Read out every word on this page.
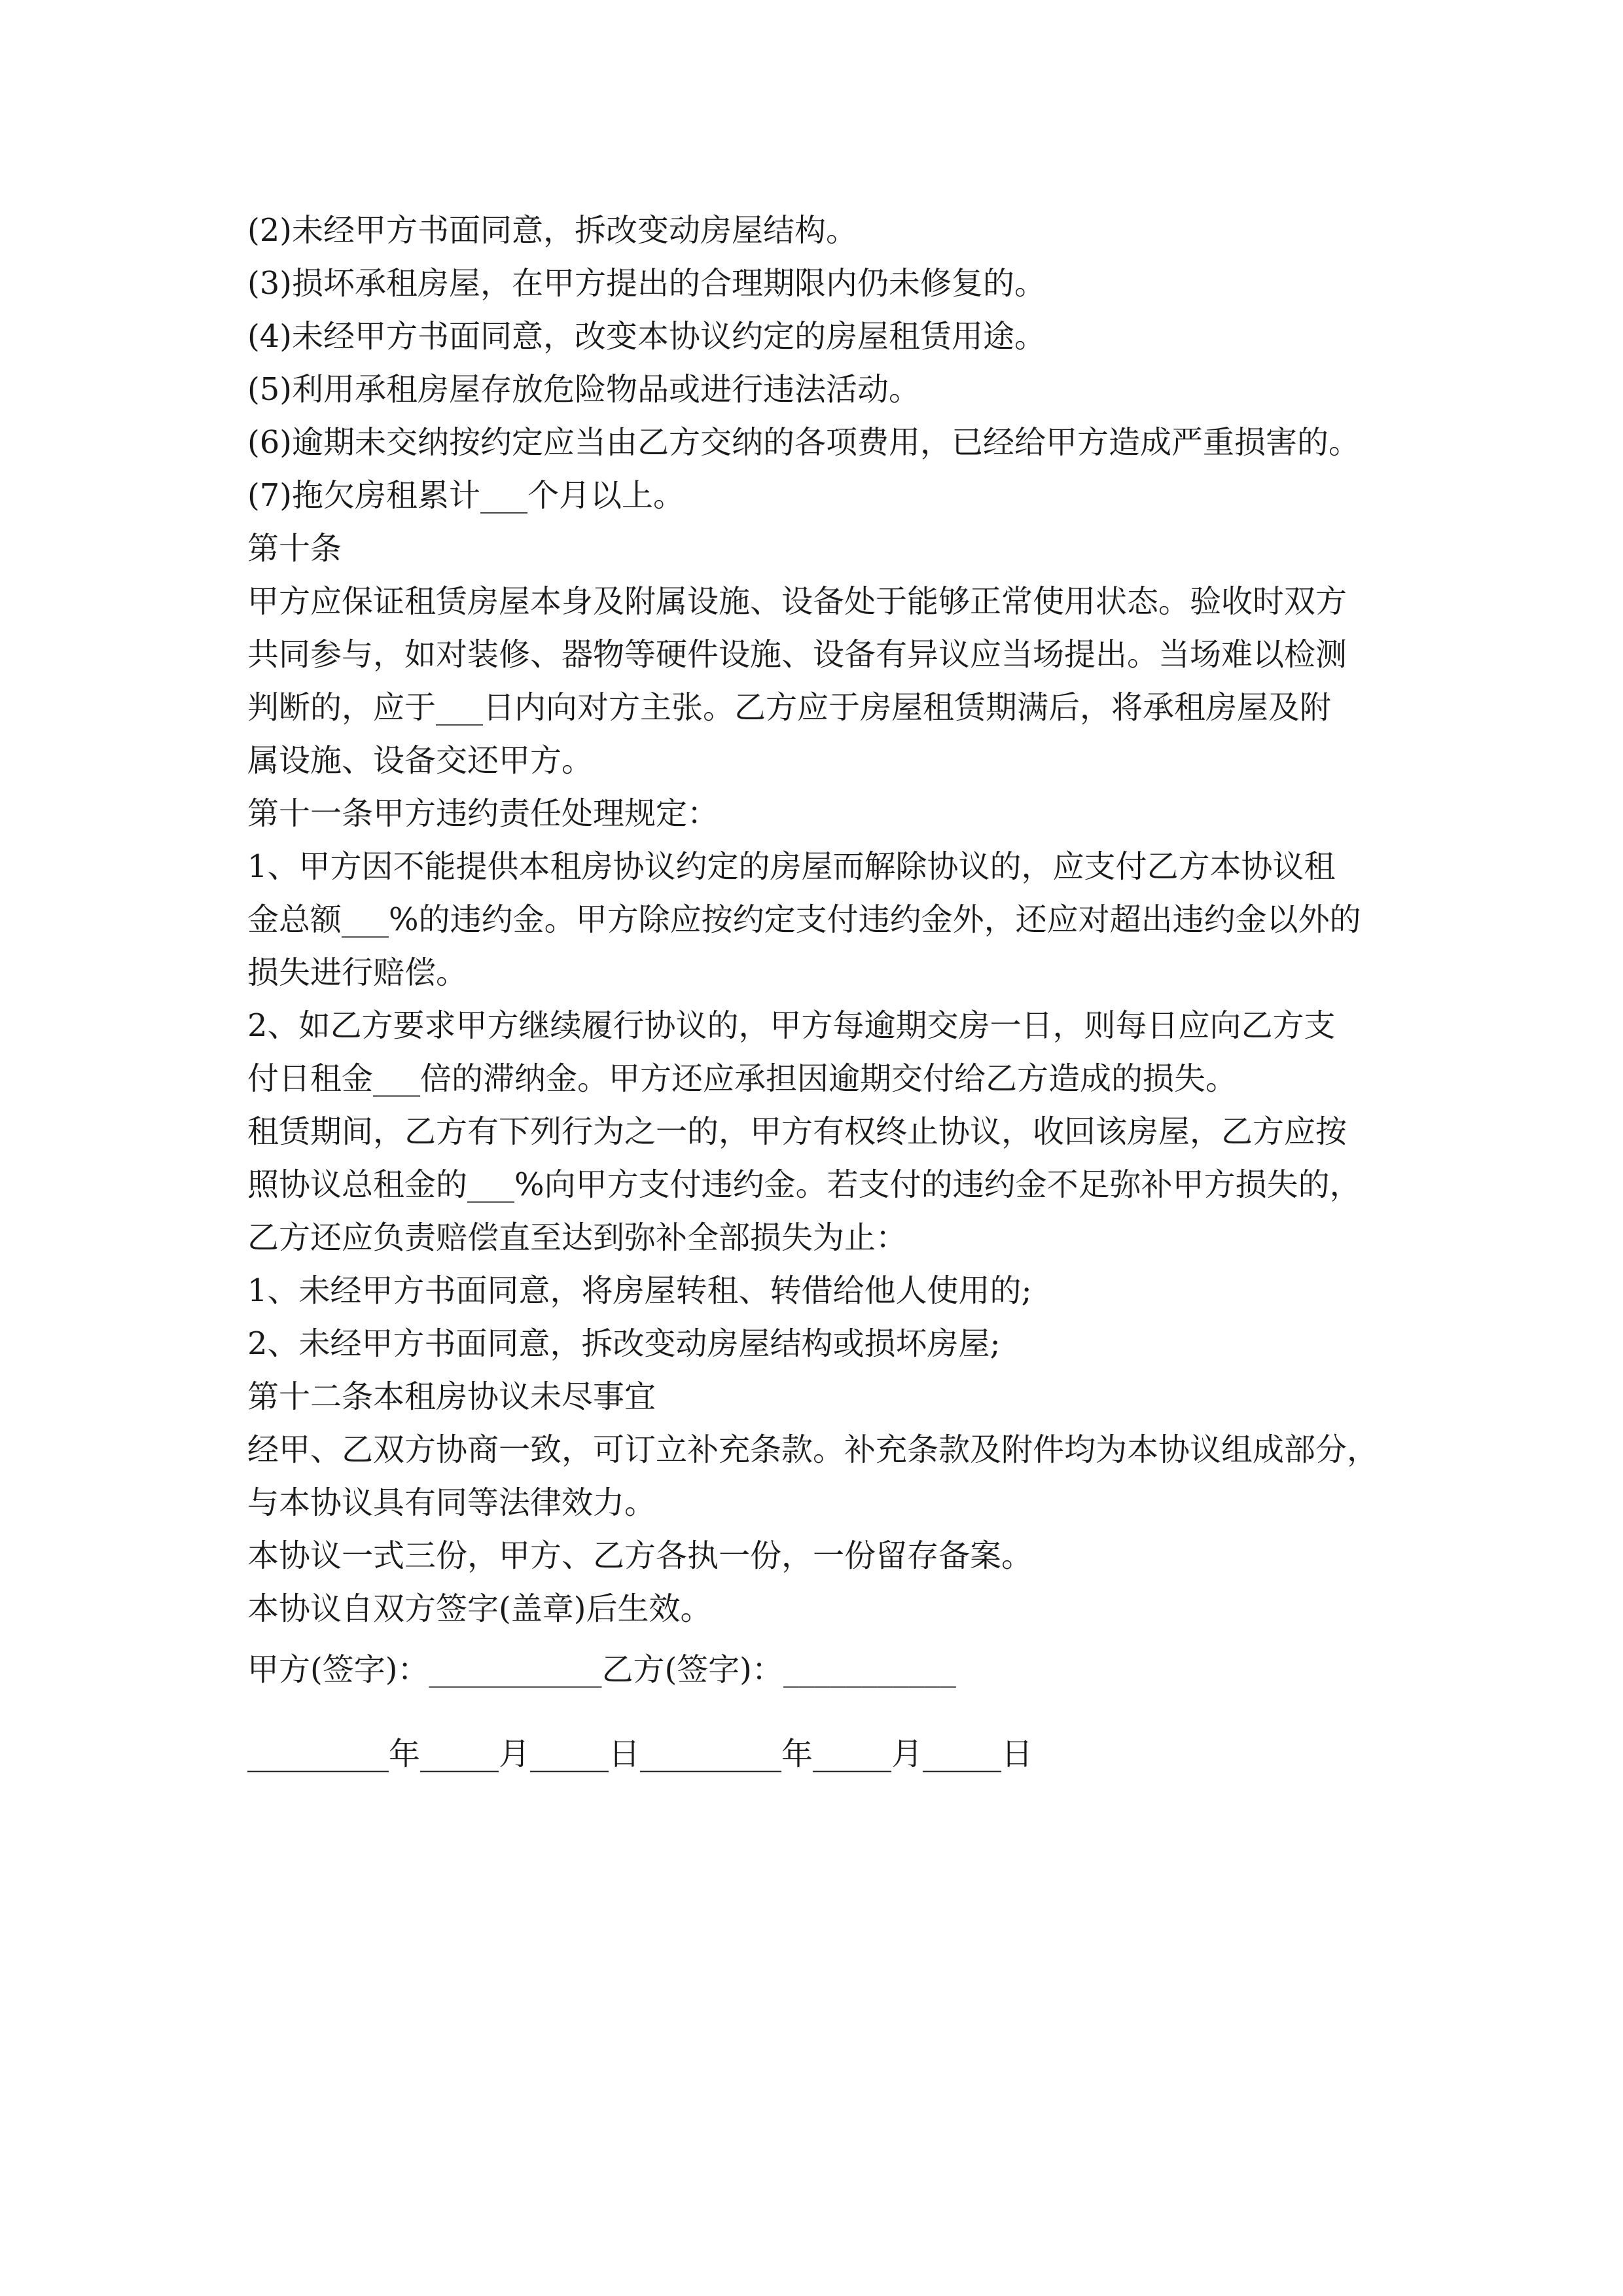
(2)未经甲方书面同意，拆改变动房屋结构。

(3)损坏承租房屋，在甲方提出的合理期限内仍未修复的。

(4)未经甲方书面同意，改变本协议约定的房屋租赁用途。

(5)利用承租房屋存放危险物品或进行违法活动。

(6)逾期未交纳按约定应当由乙方交纳的各项费用，已经给甲方造成严重损害的。

(7)拖欠房租累计___个月以上。

第十条

甲方应保证租赁房屋本身及附属设施、设备处于能够正常使用状态。验收时双方

共同参与，如对装修、器物等硬件设施、设备有异议应当场提出。当场难以检测

判断的，应于___日内向对方主张。乙方应于房屋租赁期满后，将承租房屋及附

属设施、设备交还甲方。

第十一条甲方违约责任处理规定：

1、甲方因不能提供本租房协议约定的房屋而解除协议的，应支付乙方本协议租

金总额___%的违约金。甲方除应按约定支付违约金外，还应对超出违约金以外的

损失进行赔偿。

2、如乙方要求甲方继续履行协议的，甲方每逾期交房一日，则每日应向乙方支

付日租金___倍的滞纳金。甲方还应承担因逾期交付给乙方造成的损失。

租赁期间，乙方有下列行为之一的，甲方有权终止协议，收回该房屋，乙方应按

照协议总租金的___%向甲方支付违约金。若支付的违约金不足弥补甲方损失的，

乙方还应负责赔偿直至达到弥补全部损失为止：

1、未经甲方书面同意，将房屋转租、转借给他人使用的;

2、未经甲方书面同意，拆改变动房屋结构或损坏房屋;

第十二条本租房协议未尽事宜

经甲、乙双方协商一致，可订立补充条款。补充条款及附件均为本协议组成部分，

与本协议具有同等法律效力。

本协议一式三份，甲方、乙方各执一份，一份留存备案。

本协议自双方签字(盖章)后生效。

甲方(签字)：___________乙方(签字)：___________

_________年_____月_____日_________年_____月_____日
